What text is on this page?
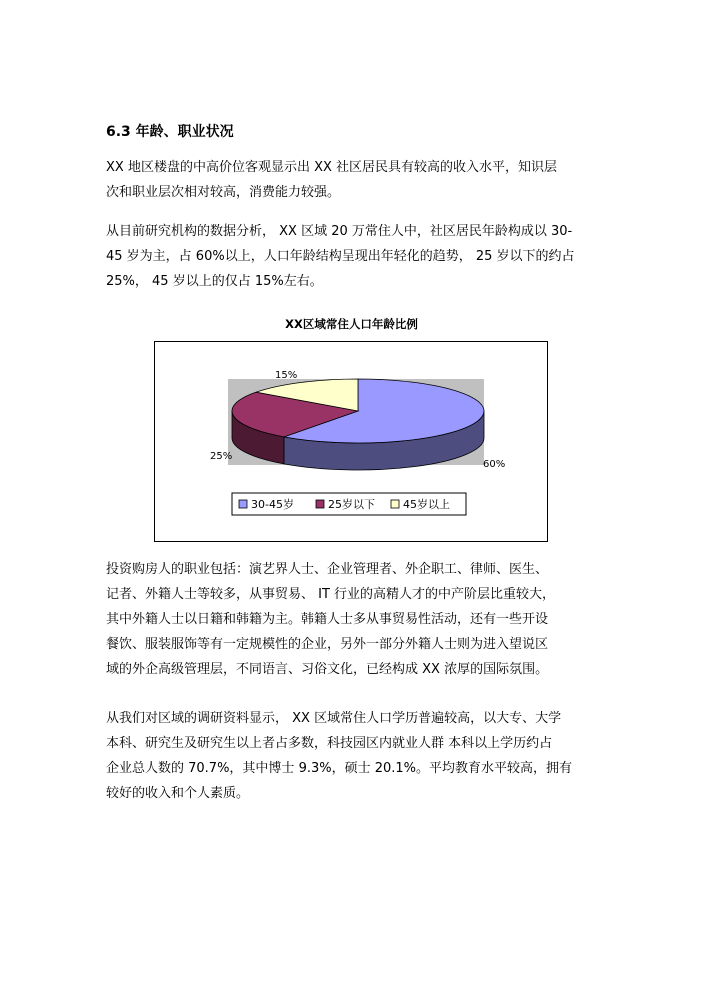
6.3 年龄、职业状况

XX 地区楼盘的中高价位客观显示出 XX 社区居民具有较高的收入水平，知识层
次和职业层次相对较高，消费能力较强。

从目前研究机构的数据分析， XX 区域 20 万常住人中，社区居民年龄构成以 30-
45 岁为主，占 60%以上，人口年龄结构呈现出年轻化的趋势， 25 岁以下的约占
25%， 45 岁以上的仅占 15%左右。

XX区域常住人口年龄比例
60%
25%
15%
30-45岁	25岁以下	45岁以上

投资购房人的职业包括：演艺界人士、企业管理者、外企职工、律师、医生、
记者、外籍人士等较多，从事贸易、 IT 行业的高精人才的中产阶层比重较大，
其中外籍人士以日籍和韩籍为主。韩籍人士多从事贸易性活动，还有一些开设
餐饮、服装服饰等有一定规模性的企业，另外一部分外籍人士则为进入望说区
域的外企高级管理层，不同语言、习俗文化，已经构成 XX 浓厚的国际氛围。

从我们对区域的调研资料显示， XX 区域常住人口学历普遍较高，以大专、大学
本科、研究生及研究生以上者占多数，科技园区内就业人群 本科以上学历约占
企业总人数的 70.7%，其中博士 9.3%，硕士 20.1%。平均教育水平较高，拥有
较好的收入和个人素质。
